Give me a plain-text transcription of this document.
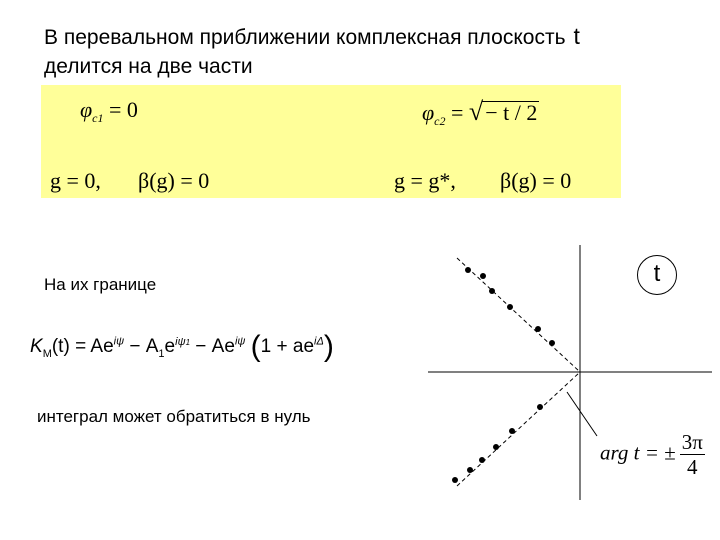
В перевальном приближении комплексная плоскость t
делится на две части
$\varphi_{c1} = 0$	$\varphi_{c2}$ = √− t / 2
g = 0, β(g) = 0	g = g*, β(g) = 0
На их границе
$K_M(t) = Ae^{i\psi} - A_1e^{i\psi 1} - Ae^{i\psi}$ $(1 + ae^{i\Delta})$
интеграл может обратиться в нуль
t
arg t = ± $\frac{3\pi}{4}$
